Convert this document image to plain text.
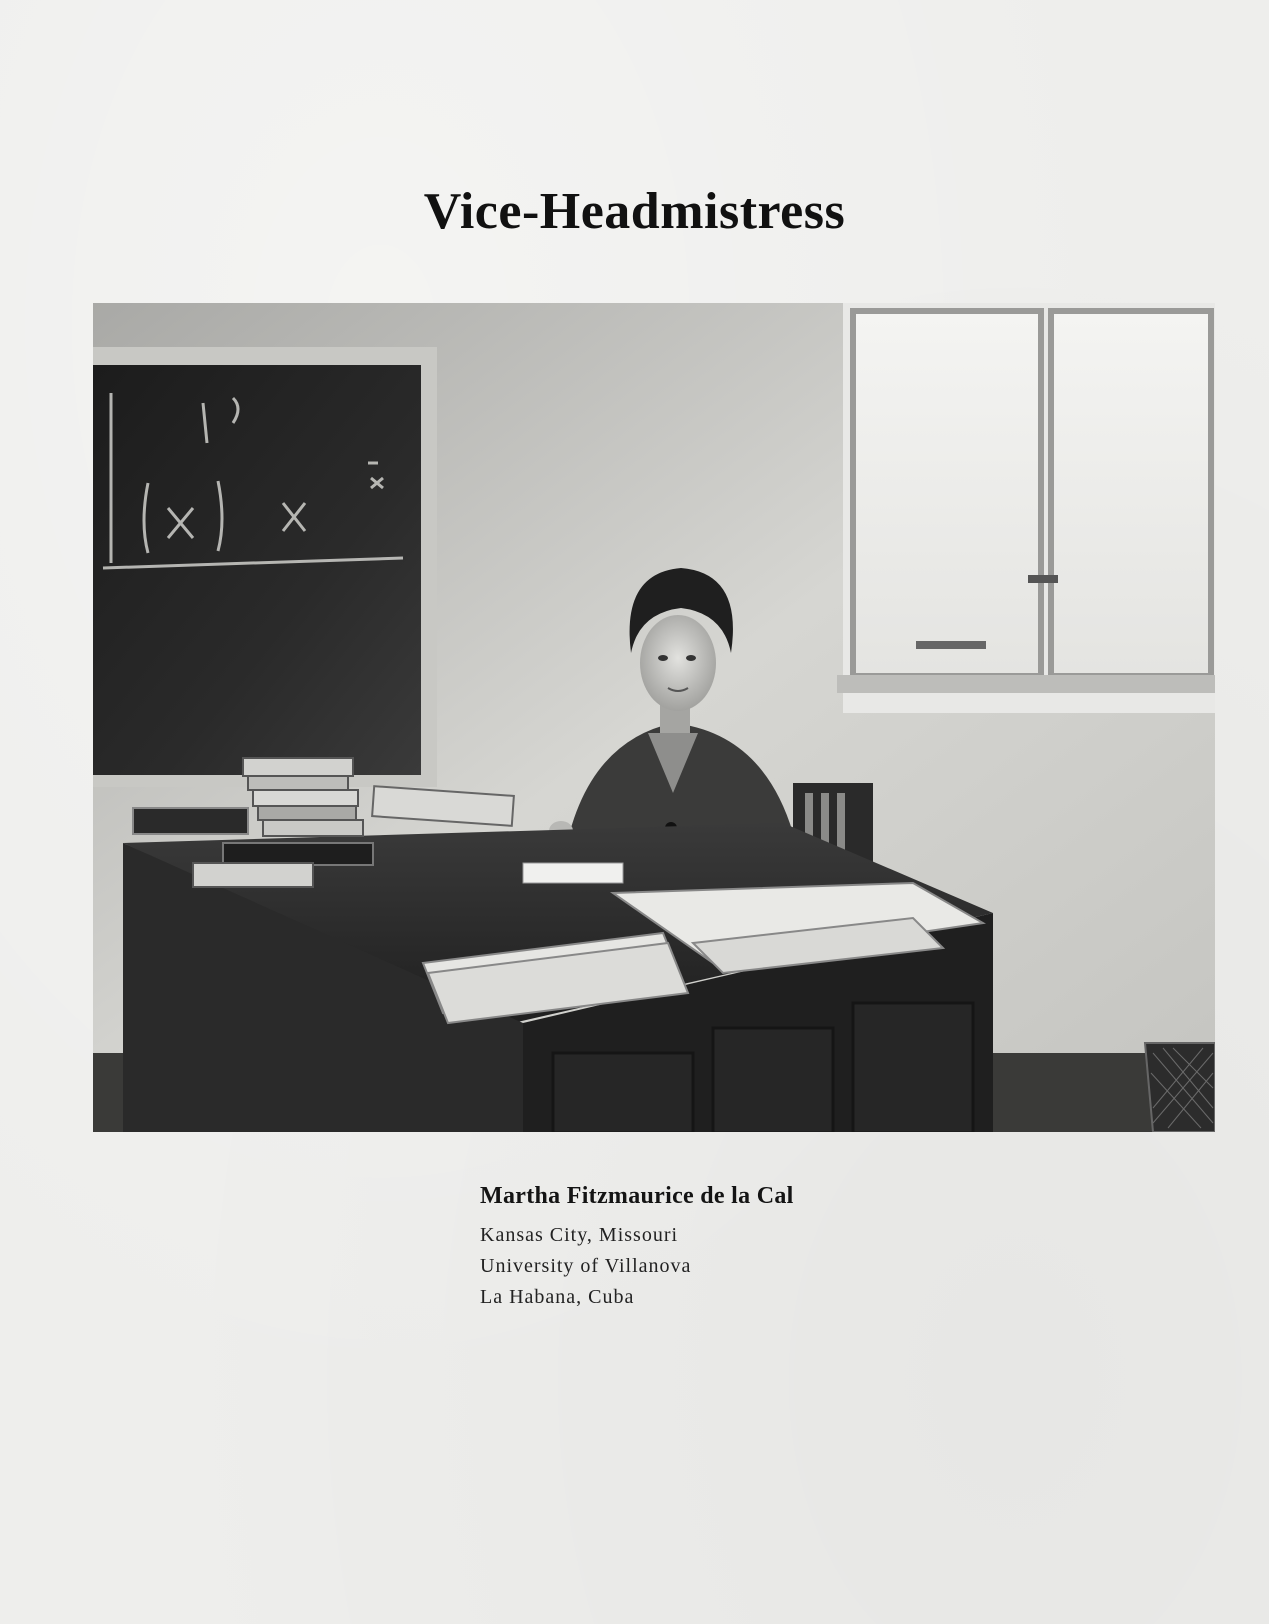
Vice-Headmistress
Martha Fitzmaurice de la Cal
Kansas City, Missouri
University of Villanova
La Habana, Cuba
